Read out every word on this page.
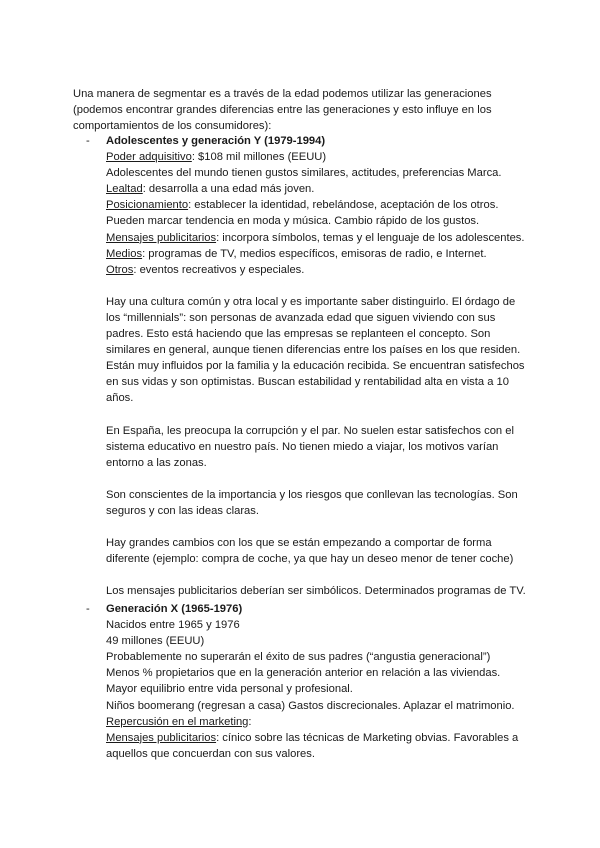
Una manera de segmentar es a través de la edad podemos utilizar las generaciones (podemos encontrar grandes diferencias entre las generaciones y esto influye en los comportamientos de los consumidores):

- Adolescentes y generación Y (1979-1994)

Poder adquisitivo: $108 mil millones (EEUU)

Adolescentes del mundo tienen gustos similares, actitudes, preferencias Marca.

Lealtad: desarrolla a una edad más joven.

Posicionamiento: establecer la identidad, rebelándose, aceptación de los otros.

Pueden marcar tendencia en moda y música. Cambio rápido de los gustos.

Mensajes publicitarios: incorpora símbolos, temas y el lenguaje de los adolescentes.

Medios: programas de TV, medios específicos, emisoras de radio, e Internet.

Otros: eventos recreativos y especiales.

Hay una cultura común y otra local y es importante saber distinguirlo. El órdago de los “millennials”: son personas de avanzada edad que siguen viviendo con sus padres. Esto está haciendo que las empresas se replanteen el concepto. Son similares en general, aunque tienen diferencias entre los países en los que residen. Están muy influidos por la familia y la educación recibida. Se encuentran satisfechos en sus vidas y son optimistas. Buscan estabilidad y rentabilidad alta en vista a 10 años.

En España, les preocupa la corrupción y el par. No suelen estar satisfechos con el sistema educativo en nuestro país. No tienen miedo a viajar, los motivos varían entorno a las zonas.

Son conscientes de la importancia y los riesgos que conllevan las tecnologías. Son seguros y con las ideas claras.

Hay grandes cambios con los que se están empezando a comportar de forma diferente (ejemplo: compra de coche, ya que hay un deseo menor de tener coche)

Los mensajes publicitarios deberían ser simbólicos. Determinados programas de TV.

- Generación X (1965-1976)

Nacidos entre 1965 y 1976

49 millones (EEUU)

Probablemente no superarán el éxito de sus padres (“angustia generacional”)

Menos % propietarios que en la generación anterior en relación a las viviendas.

Mayor equilibrio entre vida personal y profesional.

Niños boomerang (regresan a casa) Gastos discrecionales. Aplazar el matrimonio.

Repercusión en el marketing:

Mensajes publicitarios: cínico sobre las técnicas de Marketing obvias. Favorables a aquellos que concuerdan con sus valores.
